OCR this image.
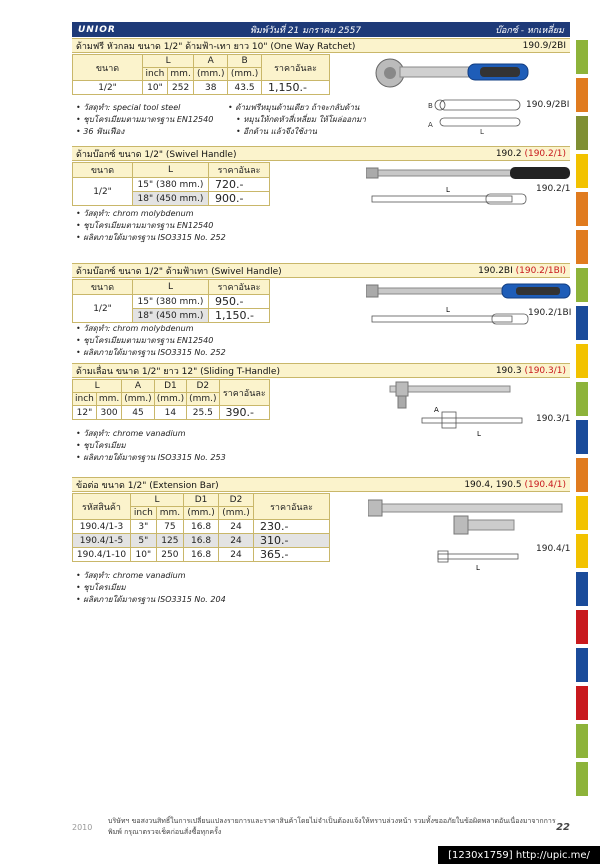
UNIOR	พิมพ์วันที่ 21 มกราคม 2557	บ๊อกซ์ - หกเหลี่ยม
ด้ามฟรี หัวกลม ขนาด 1/2" ด้ามฟ้า-เทา ยาว 10" (One Way Ratchet)	190.9/2BI
ขนาด	L		A	B	ราคาอันละ
	inch	mm.	(mm.)	(mm.)	
1/2"	10"	252	38	43.5	1,150.-
• วัสดุทำ: special tool steel
• ชุบโครเมียมตามมาตรฐาน EN12540
• 36 ฟันเฟือง
• ด้ามฟรีหมุนด้านเดียว ถ้าจะกลับด้าน
• หมุนให้กดหัวสี่เหลี่ยม ให้โผล่ออกมา
• อีกด้าน แล้วจึงใช้งาน
B
A
L
190.9/2BI
ด้ามบ๊อกซ์ ขนาด 1/2" (Swivel Handle)	190.2 (190.2/1)
ขนาด	L	ราคาอันละ
1/2"	15" (380 mm.)	720.-
	18" (450 mm.)	900.-
• วัสดุทำ: chrom molybdenum
• ชุบโครเมียมตามมาตรฐาน EN12540
• ผลิตภายใต้มาตรฐาน ISO3315 No. 252
L	190.2/1
ด้ามบ๊อกซ์ ขนาด 1/2" ด้ามฟ้าเทา (Swivel Handle)	190.2BI (190.2/1BI)
ขนาด	L	ราคาอันละ
1/2"	15" (380 mm.)	950.-
	18" (450 mm.)	1,150.-
• วัสดุทำ: chrom molybdenum
• ชุบโครเมียมตามมาตรฐาน EN12540
• ผลิตภายใต้มาตรฐาน ISO3315 No. 252
L	190.2/1BI
ด้ามเลื่อน ขนาด 1/2" ยาว 12" (Sliding T-Handle)	190.3 (190.3/1)
L		A	D1	D2	ราคาอันละ
inch	mm.	(mm.)	(mm.)	(mm.)	
12"	300	45	14	25.5	390.-
• วัสดุทำ: chrome vanadium
• ชุบโครเมียม
• ผลิตภายใต้มาตรฐาน ISO3315 No. 253
A
L
190.3/1
ข้อต่อ ขนาด 1/2" (Extension Bar)	190.4, 190.5 (190.4/1)
รหัสสินค้า	L		D1	D2	ราคาอันละ
	inch	mm.	(mm.)	(mm.)	
190.4/1-3	3"	75	16.8	24	230.-
190.4/1-5	5"	125	16.8	24	310.-
190.4/1-10	10"	250	16.8	24	365.-
• วัสดุทำ: chrome vanadium
• ชุบโครเมียม
• ผลิตภายใต้มาตรฐาน ISO3315 No. 204
L
190.4/1
2010
บริษัทฯ ขอสงวนสิทธิ์ในการเปลี่ยนแปลงรายการและราคาสินค้าโดยไม่จำเป็นต้องแจ้งให้ทราบล่วงหน้า รวมทั้งขออภัยในข้อผิดพลาดอันเนื่องมาจากการพิมพ์ กรุณาตรวจเช็คก่อนสั่งซื้อทุกครั้ง	22
[1230x1759] http://upic.me/
